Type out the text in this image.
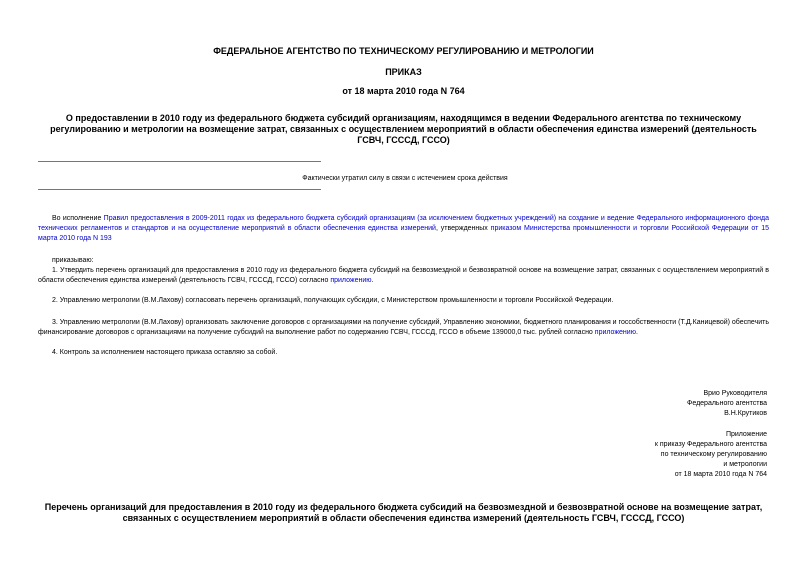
ФЕДЕРАЛЬНОЕ АГЕНТСТВО ПО ТЕХНИЧЕСКОМУ РЕГУЛИРОВАНИЮ И МЕТРОЛОГИИ
ПРИКАЗ
от 18 марта 2010 года N 764
О предоставлении в 2010 году из федерального бюджета субсидий организациям, находящимся в ведении Федерального агентства по техническому регулированию и метрологии на возмещение затрат, связанных с осуществлением мероприятий в области обеспечения единства измерений (деятельность ГСВЧ, ГСССД, ГССО)
Фактически утратил силу в связи с истечением срока действия
Во исполнение Правил предоставления в 2009-2011 годах из федерального бюджета субсидий организациям (за исключением бюджетных учреждений) на создание и ведение Федерального информационного фонда технических регламентов и стандартов и на осуществление мероприятий в области обеспечения единства измерений, утвержденных приказом Министерства промышленности и торговли Российской Федерации от 15 марта 2010 года N 193
приказываю:
1. Утвердить перечень организаций для предоставления в 2010 году из федерального бюджета субсидий на безвозмездной и безвозвратной основе на возмещение затрат, связанных с осуществлением мероприятий в области обеспечения единства измерений (деятельность ГСВЧ, ГСССД, ГССО) согласно приложению.
2. Управлению метрологии (В.М.Лахову) согласовать перечень организаций, получающих субсидии, с Министерством промышленности и торговли Российской Федерации.
3. Управлению метрологии (В.М.Лахову) организовать заключение договоров с организациями на получение субсидий, Управлению экономики, бюджетного планирования и госсобственности (Т.Д.Каницевой) обеспечить финансирование договоров с организациями на получение субсидий на выполнение работ по содержанию ГСВЧ, ГСССД, ГССО в объеме 139000,0 тыс. рублей согласно приложению.
4. Контроль за исполнением настоящего приказа оставляю за собой.
Врио Руководителя
Федерального агентства
В.Н.Крутиков
Приложение
к приказу Федерального агентства
по техническому регулированию
и метрологии
от 18 марта 2010 года N 764
Перечень организаций для предоставления в 2010 году из федерального бюджета субсидий на безвозмездной и безвозвратной основе на возмещение затрат, связанных с осуществлением мероприятий в области обеспечения единства измерений (деятельность ГСВЧ, ГСССД, ГССО)
